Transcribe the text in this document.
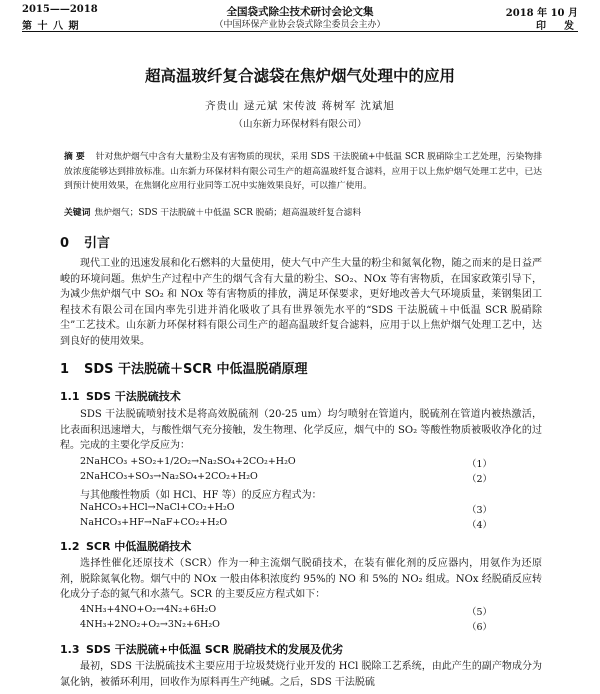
2015——2018
第 十 八 期
全国袋式除尘技术研讨会论文集
（中国环保产业协会袋式除尘委员会主办）
2018 年 10 月
印　发
超高温玻纤复合滤袋在焦炉烟气处理中的应用
齐贵山 逯元斌 宋传波 蒋树军 沈斌旭
（山东新力环保材料有限公司）
摘要 针对焦炉烟气中含有大量粉尘及有害物质的现状，采用 SDS 干法脱硫+中低温 SCR 脱硝除尘工艺处理，污染物排放浓度能够达到排放标准。山东新力环保材料有限公司生产的超高温玻纤复合滤料，应用于以上焦炉烟气处理工艺中，已达到预计使用效果，在焦钢化应用行业同等工况中实施效果良好，可以推广使用。
关键词 焦炉烟气；SDS 干法脱硫＋中低温 SCR 脱硝；超高温玻纤复合滤料
0 引言
现代工业的迅速发展和化石燃料的大量使用，使大气中产生大量的粉尘和氮氧化物，随之而来的是日益严峻的环境问题。焦炉生产过程中产生的烟气含有大量的粉尘、SO₂、NOx 等有害物质，在国家政策引导下，为减少焦炉烟气中 SO₂ 和 NOx 等有害物质的排放，满足环保要求，更好地改善大气环境质量，莱钢集团工程技术有限公司在国内率先引进并消化吸收了具有世界领先水平的“SDS 干法脱硫＋中低温 SCR 脱硝除尘”工艺技术。山东新力环保材料有限公司生产的超高温玻纤复合滤料，应用于以上焦炉烟气处理工艺中，达到良好的使用效果。
1 SDS 干法脱硫＋SCR 中低温脱硝原理
1.1 SDS 干法脱硫技术
SDS 干法脱硫喷射技术是将高效脱硫剂（20-25 um）均匀喷射在管道内，脱硫剂在管道内被热激活，比表面积迅速增大，与酸性烟气充分接触，发生物理、化学反应，烟气中的 SO₂ 等酸性物质被吸收净化的过程。完成的主要化学反应为：
2NaHCO₃ +SO₂+1/2O₂→Na₂SO₄+2CO₂+H₂O	（1）
2NaHCO₃+SO₃→Na₂SO₄+2CO₂+H₂O	（2）
与其他酸性物质（如 HCl、HF 等）的反应方程式为：
NaHCO₃+HCl→NaCl+CO₂+H₂O	（3）
NaHCO₃+HF→NaF+CO₂+H₂O	（4）
1.2 SCR 中低温脱硝技术
选择性催化还原技术（SCR）作为一种主流烟气脱硝技术，在装有催化剂的反应器内，用氨作为还原剂，脱除氮氧化物。烟气中的 NOx 一般由体积浓度约 95%的 NO 和 5%的 NO₂ 组成。NOx 经脱硝反应转化成分子态的氮气和水蒸气。SCR 的主要反应方程式如下：
4NH₃+4NO+O₂→4N₂+6H₂O	（5）
4NH₃+2NO₂+O₂→3N₂+6H₂O	（6）
1.3 SDS 干法脱硫+中低温 SCR 脱硝技术的发展及优劣
最初，SDS 干法脱硫技术主要应用于垃圾焚烧行业开发的 HCl 脱除工艺系统，由此产生的副产物成分为氯化钠，被循环利用，回收作为原料再生产纯碱。之后，SDS 干法脱硫
